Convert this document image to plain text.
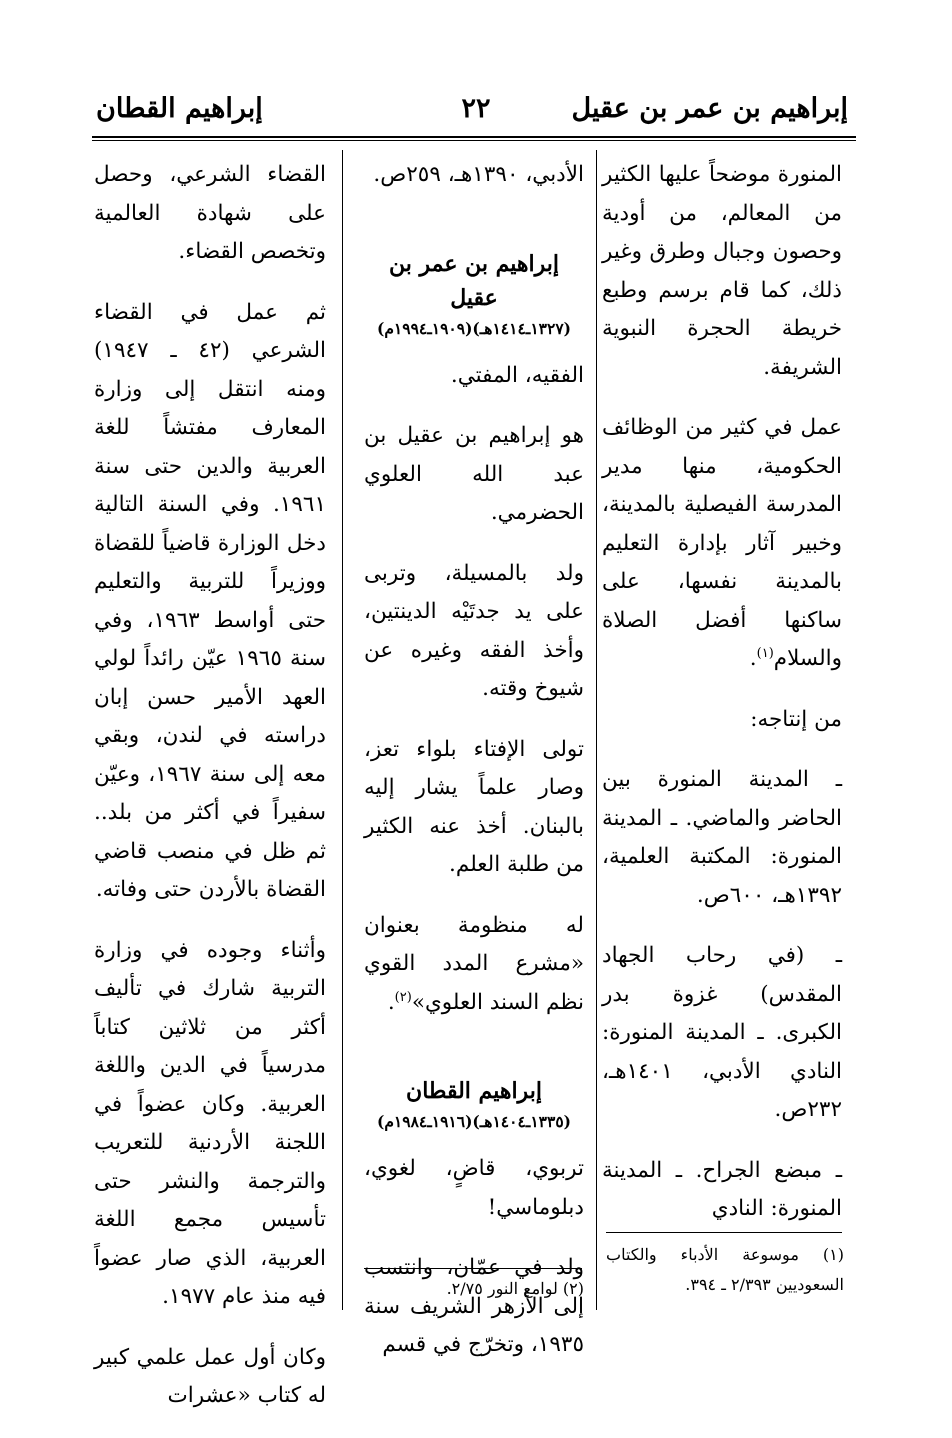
إبراهيم بن عمر بن عقيل
٢٢
إبراهيم القطان

المنورة موضحاً عليها الكثير من المعالم، من أودية وحصون وجبال وطرق وغير ذلك، كما قام برسم وطبع خريطة الحجرة النبوية الشريفة.

عمل في كثير من الوظائف الحكومية، منها مدير المدرسة الفيصلية بالمدينة، وخبير آثار بإدارة التعليم بالمدينة نفسها، على ساكنها أفضل الصلاة والسلام$^{(١)}$.

من إنتاجه:

ـ المدينة المنورة بين الحاضر والماضي. ـ المدينة المنورة: المكتبة العلمية، ١٣٩٢هـ، ٦٠٠ص.

ـ (في رحاب الجهاد المقدس) غزوة بدر الكبرى. ـ المدينة المنورة: النادي الأدبي، ١٤٠١هـ، ٢٣٢ص.

ـ مبضع الجراح. ـ المدينة المنورة: النادي

الأدبي، ١٣٩٠هـ، ٢٥٩ص.

إبراهيم بن عمر بن عقيل
(١٣٢٧ـ١٤١٤هـ)(١٩٠٩ـ١٩٩٤م)

الفقيه، المفتي.

هو إبراهيم بن عقيل بن عبد الله العلوي الحضرمي.

ولد بالمسيلة، وتربى على يد جدتَيْه الدينتين، وأخذ الفقه وغيره عن شيوخ وقته.

تولى الإفتاء بلواء تعز، وصار علماً يشار إليه بالبنان. أخذ عنه الكثير من طلبة العلم.

له منظومة بعنوان «مشرع المدد القوي نظم السند العلوي»$^{(٢)}$.

إبراهيم القطان
(١٣٣٥ـ١٤٠٤هـ)(١٩١٦ـ١٩٨٤م)

تربوي، قاضٍ، لغوي، دبلوماسي!

ولد في عمّان، وانتسب إلى الأزهر الشريف سنة ١٩٣٥، وتخرّج في قسم

القضاء الشرعي، وحصل على شهادة العالمية وتخصص القضاء.

ثم عمل في القضاء الشرعي (٤٢ ـ ١٩٤٧) ومنه انتقل إلى وزارة المعارف مفتشاً للغة العربية والدين حتى سنة ١٩٦١. وفي السنة التالية دخل الوزارة قاضياً للقضاة ووزيراً للتربية والتعليم حتى أواسط ١٩٦٣، وفي سنة ١٩٦٥ عيّن رائداً لولي العهد الأمير حسن إبان دراسته في لندن، وبقي معه إلى سنة ١٩٦٧، وعيّن سفيراً في أكثر من بلد.. ثم ظل في منصب قاضي القضاة بالأردن حتى وفاته.

وأثناء وجوده في وزارة التربية شارك في تأليف أكثر من ثلاثين كتاباً مدرسياً في الدين واللغة العربية. وكان عضواً في اللجنة الأردنية للتعريب والترجمة والنشر حتى تأسيس مجمع اللغة العربية، الذي صار عضواً فيه منذ عام ١٩٧٧.

وكان أول عمل علمي كبير له كتاب «عشرات

(١) موسوعة الأدباء والكتاب السعوديين ٢/٣٩٣ ـ ٣٩٤.
(٢) لوامع النور ٢/٧٥.
